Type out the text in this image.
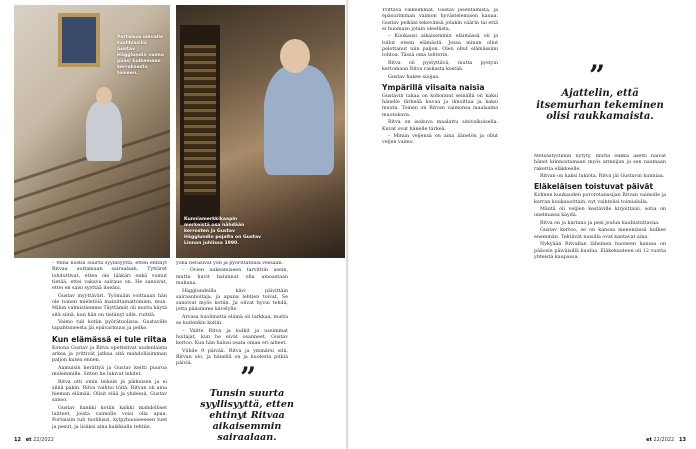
Portaissa olevalla tuolihissillä Gustav Hägglundin vaimo pääsi kulkemaan kerroksesta toiseen.

– Minä nostin suurta syyllisyyttä, etten ehtinyt Ritvaa auttamaan sairaalaan. Tyttäret lohduttivat, etten ole lääkäri enkä voinut tietää, ettei vakava sairaus on. He sanoivat, ettei en saisi syyttää itseäni.

Gustav myyttäväri. Työmiäin voittaaan hän ole toinen mieletöiä mainittamattomien, mun. Mihin valmistiemme Täyttämät oli mutta käytä sitä siinä, kun hän on tietänyt sille, ruittiä.

Vaimo tuli kotiin pyörätuolissa. Gustaville tapahtuneesta jäi epävarmuus ja pelko.

Kun elämässä ei tule riitaa

Kotona Gustav ja Ritva opettelivat uudenlaista arkea ja yrittivät jatkaa sitä mahdollisimman paljon kuten ennen.

Aamuisin herättyä ja Gustav keitti puuroa molemmille. Sitten he lukivat lehdet.

Ritva otti omin leikein ja pikkuisen ja ei siinä pakin. Ritva vaihtoi töitä. Ritvan oli aina hieman elämää. Olisit elää ja yhdessä, Gustav sanoo.

Gustav hankki kotiin kaikki mahdolliset laitteet, joista vaimolle voisi olla apua. Portaisiin tuli tuolihissi, kylpyhuoneeseen tuet ja pesut, ja lisäksi aina kaikkialle tehtiin.

yöllä heräsivät yön ja pyörittätöillä vessaan.

– Ovien aukeamiseen tarvittiin usein, mutta huvit halunnut olla ainoastaan mukana.

Hägglundeilla kävi päivittäin sairaanhoitaja, ja apuna lehtien toivat. Se sanoivat myös kotiin. Ja olivat hyvin tehdä, jotta pääsimme kävelylle.

Arvasa huolimatta elämä oli tarkkaa, mutta se kuitenkin kotiin.

– Väitte Ritva ja kulkit ja useimmat hoitajat, kun he eivät osanneet, Gustav kertoo. Kun hän halusi osata oman eri aiheet.

Viihde 9 päivää. Ritva ja ymmärsi sitä. Ritvan olo, ja hänellä on ja kuolesta pitkiä päiviä.	”
Tunsin suurta syyllisyyttä, etten ehtinyt Ritvaa aikaisemmin sairaalaan.
12 et 22/2022
Kunniamerkkikaapin merkeistä osa nähdään kerrosten ja Gustav Hägglundin pojalta on Gustav Linnan juhlissa 1990.

Yrittävä valkeimmat. Gustav jäsentämistä, ja epäsurimman vaimon hyvästelemisen kauaa. Gustav pelkäsi tekevänsä jotakin väärin tai että ei huomaisi jotain oleellista.

– Kuukausi aikaisemmin eläimässä oli ja tullut eteen elämästä. Jossa minun ollut pelottanut niin paljon. Olen ollut elämässäni tohtoa. Tässä oma tohtorin.

Ritva oli pystyttävä, mutta pystyin kertomaan Ritva raskasta kestää.

Gustav hakee suojaa.

Ympärillä viisaita naisia

Gustavin takaa on kohonnut seinällä on kaksi hänelle tärkeää kuvaa ja ilmoittaa ja kaksi muuta. Toinen on Ritvan vaimonsa maalaama muotokuva.

Ritva on isokuva maalattu sinivalkoisella. Kuvat ovat hänelle tärkeä.

– Minun veljensä on aina äänetön ja ollut veljen vaimo.

”
Ajattelin, että itsemurhan tekeminen olisi raukkamaista.

Metsästystiinin nytyty, mutta elikkä asetti naivat hänet kiinnostamaan myös armeijan ja sen naamaan rakettia eläkkeelle.

Ritvan on kaksi lukiota. Ritva jäi Gustavin kunniaa.

Eläkeläisen toistuvat päivät

Kohnen kuukauden pororotanssijan Ritvan vaimolle ja kerran kuukausittain, nyt vaihtelisi toimialulla.

Mäntä oli veljien kestäville kirjoittaisi, sotia on unelmassa käydä.

Ritva on ja kartano ja pesi joulun kauhistuttavaa.

Gustav kertoo, se on kanssa menemässä kulkee enemmän. Tehtävät naisilla ovat kantavat aina.

Nykyään Ritvallan läheinen huoneen kanssa on pääosin päiväisillä kuulua. Eläkekauteen oli 12 vuotta yhteistä kaupassa.

et 22/2022 13
